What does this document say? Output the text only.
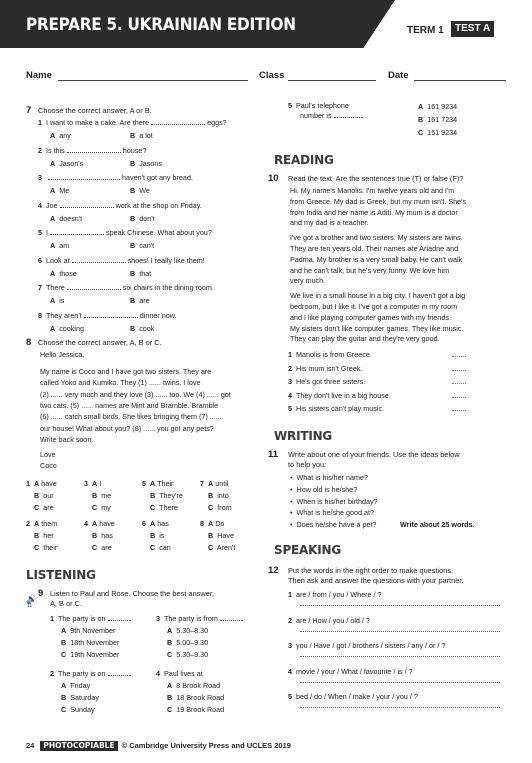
PREPARE 5. UKRAINIAN EDITION	TERM 1	TEST A
Name	Class	Date
7 Choose the correct answer, A or B.
1 I want to make a cake. Are there	eggs?
A any	B a lot
2 Is this	house?
A Jason's	B Jasons
3	haven't got any bread.
A Me	B We
4 Joe	work at the shop on Friday.
A doesn't	B don't
5 I	speak Chinese. What about you?
A am	B can't
6 Look at	shoes! I really like them!
A those	B that
7 There	six chairs in the dining room.
A is	B are
8 They aren't	dinner now.
A cooking	B cook
8 Choose the correct answer, A, B or C.
Hello Jessica,
My name is Coco and I have got two sisters. They are
called Yoko and Kumiko. They (1) ...... twins. I love
(2) ...... very much and they love (3) ...... too. We (4) ...... got
two cats. (5) ...... names are Mint and Bramble. Bramble
(6) ...... catch small birds. She likes bringing them (7) ......
our house! What about you? (8) ...... you got any pets?
Write back soon.
Love
Coco
1 A have
B our
C are
2 A them
B her
C their
3 A I
B me
C my
4 A have
B has
C are
5 A Their
B They're
C There
6 A has
B is
C can
7 A until
B into
C from
8 A Do
B Have
C Aren't
LISTENING
🔊
11
9 Listen to Paul and Rose. Choose the best answer,
A, B or C.
1 The party is on	.
A 9th November
B 18th November
C 19th November
2 The party is on	.
A Friday
B Saturday
C Sunday
3 The party is from	.
A 5.30–8.30
B 5.00–9.30
C 5.30–9.30
4 Paul lives at
A 8 Brook Road
B 18 Brook Road
C 19 Brook Road
5 Paul's telephone
number is	.
A 161 9234
B 161 7234
C 151 9234
READING
10 Read the text. Are the sentences true (T) or false (F)?
Hi. My name's Manolis. I'm twelve years old and I'm
from Greece. My dad is Greek, but my mum isn't. She's
from India and her name is Aditi. My mum is a doctor
and my dad is a teacher.
I've got a brother and two sisters. My sisters are twins.
They are ten years old. Their names are Ariadne and
Padma. My brother is a very small baby. He can't walk
and he can't talk, but he's very funny. We love him
very much.
We live in a small house in a big city. I haven't got a big
bedroom, but I like it. I've got a computer in my room
and I like playing computer games with my friends.
My sisters don't like computer games. They like music.
They can play the guitar and they're very good.
1 Manolis is from Greece.
2 His mum isn't Greek.
3 He's got three sisters.
4 They don't live in a big house.
5 His sisters can't play music.
WRITING
11 Write about one of your friends. Use the ideas below
to help you:
•  What is his/her name?
•  How old is he/she?
•  When is his/her birthday?
•  What is he/she good at?
•  Does he/she have a pet?	Write about 25 words.
SPEAKING
12 Put the words in the right order to make questions.
Then ask and answer the questions with your partner.
1 are / from / you / Where / ?
2 are / How / you / old / ?
3 you / Have / got / brothers / sisters / any / or / ?
4 movie / your / What / favourite / is / ?
5 bed / do / When / make / your / you / ?
24 PHOTOCOPIABLE © Cambridge University Press and UCLES 2019
